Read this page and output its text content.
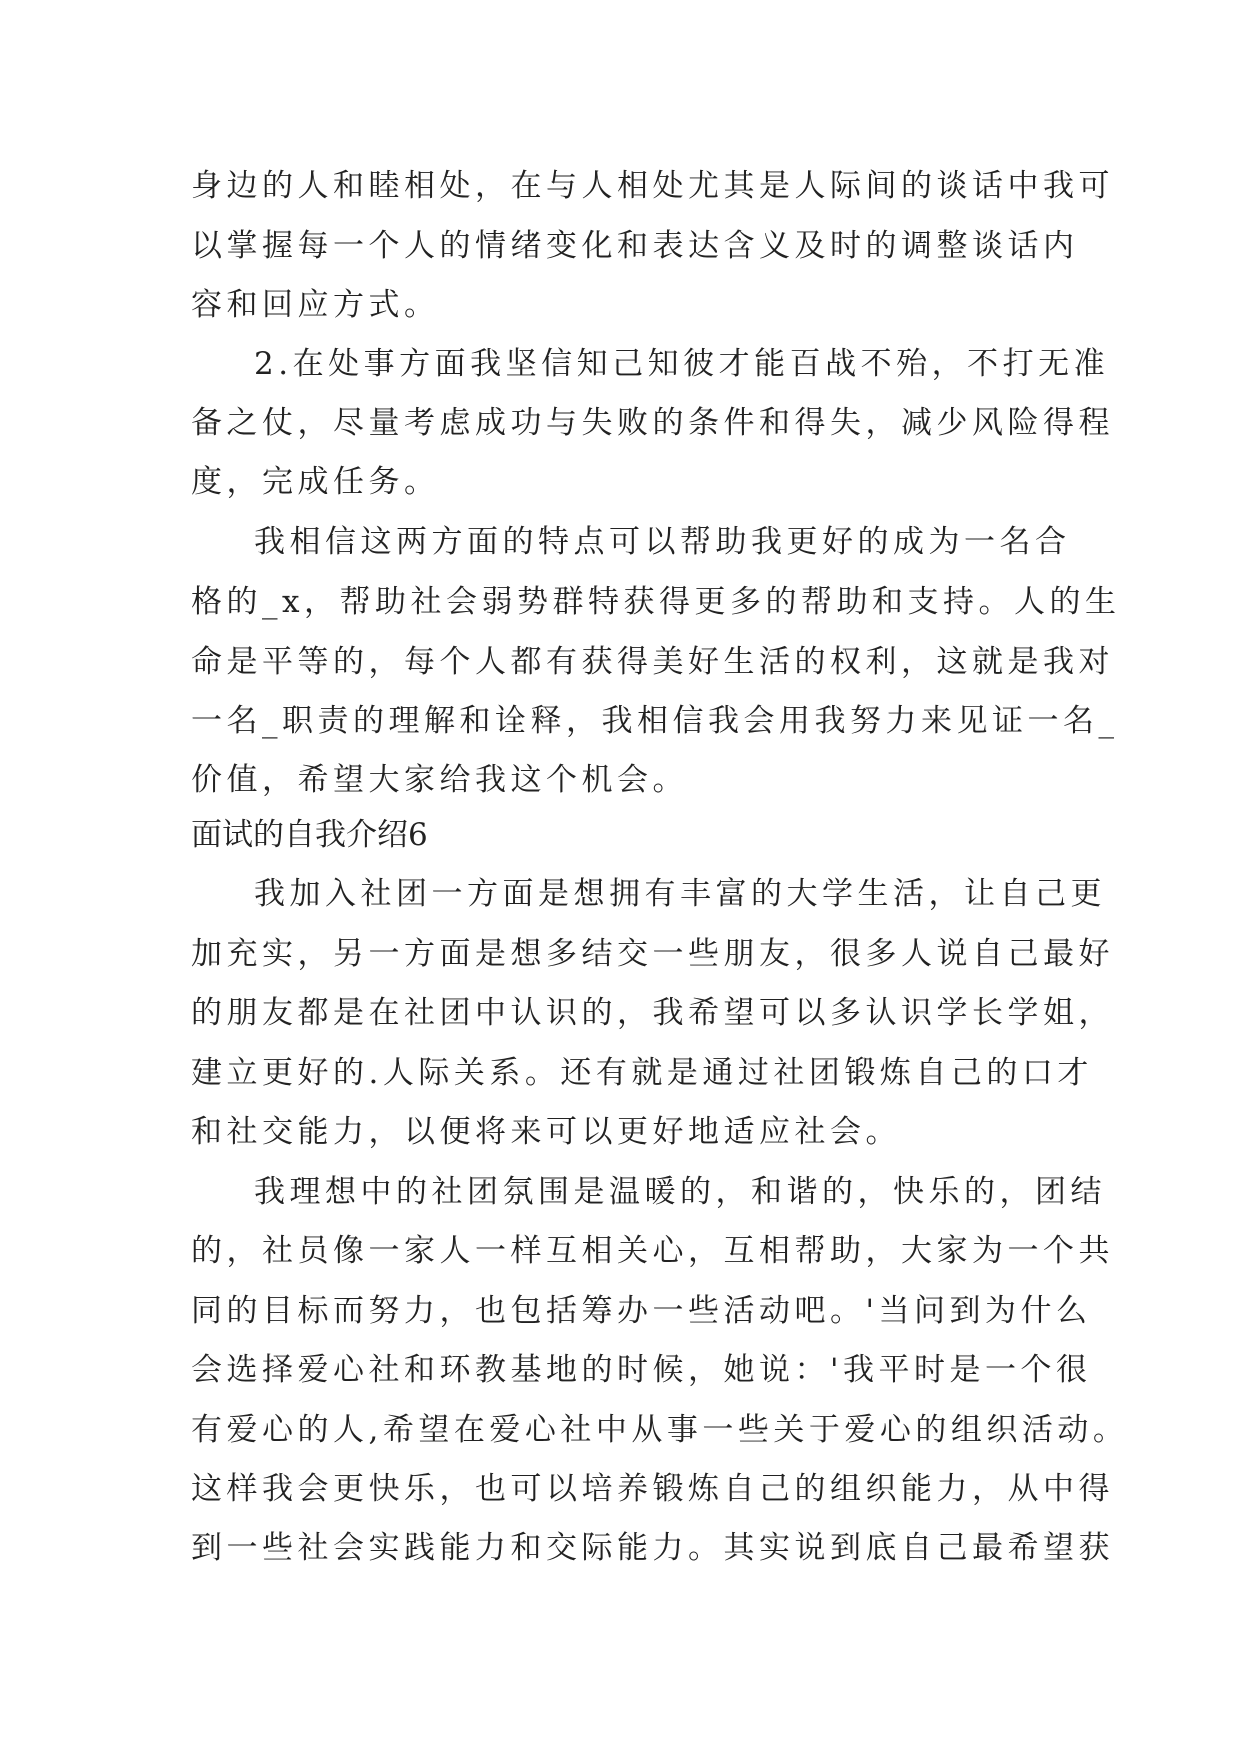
身边的人和睦相处，在与人相处尤其是人际间的谈话中我可
以掌握每一个人的情绪变化和表达含义及时的调整谈话内
容和回应方式。
2.在处事方面我坚信知己知彼才能百战不殆，不打无准
备之仗，尽量考虑成功与失败的条件和得失，减少风险得程
度，完成任务。
我相信这两方面的特点可以帮助我更好的成为一名合
格的_x，帮助社会弱势群特获得更多的帮助和支持。人的生
命是平等的，每个人都有获得美好生活的权利，这就是我对
一名_职责的理解和诠释，我相信我会用我努力来见证一名_
价值，希望大家给我这个机会。
面试的自我介绍6
我加入社团一方面是想拥有丰富的大学生活，让自己更
加充实，另一方面是想多结交一些朋友，很多人说自己最好
的朋友都是在社团中认识的，我希望可以多认识学长学姐，
建立更好的.人际关系。还有就是通过社团锻炼自己的口才
和社交能力，以便将来可以更好地适应社会。
我理想中的社团氛围是温暖的，和谐的，快乐的，团结
的，社员像一家人一样互相关心，互相帮助，大家为一个共
同的目标而努力，也包括筹办一些活动吧。'当问到为什么
会选择爱心社和环教基地的时候，她说：'我平时是一个很
有爱心的人,希望在爱心社中从事一些关于爱心的组织活动。
这样我会更快乐，也可以培养锻炼自己的组织能力，从中得
到一些社会实践能力和交际能力。其实说到底自己最希望获
